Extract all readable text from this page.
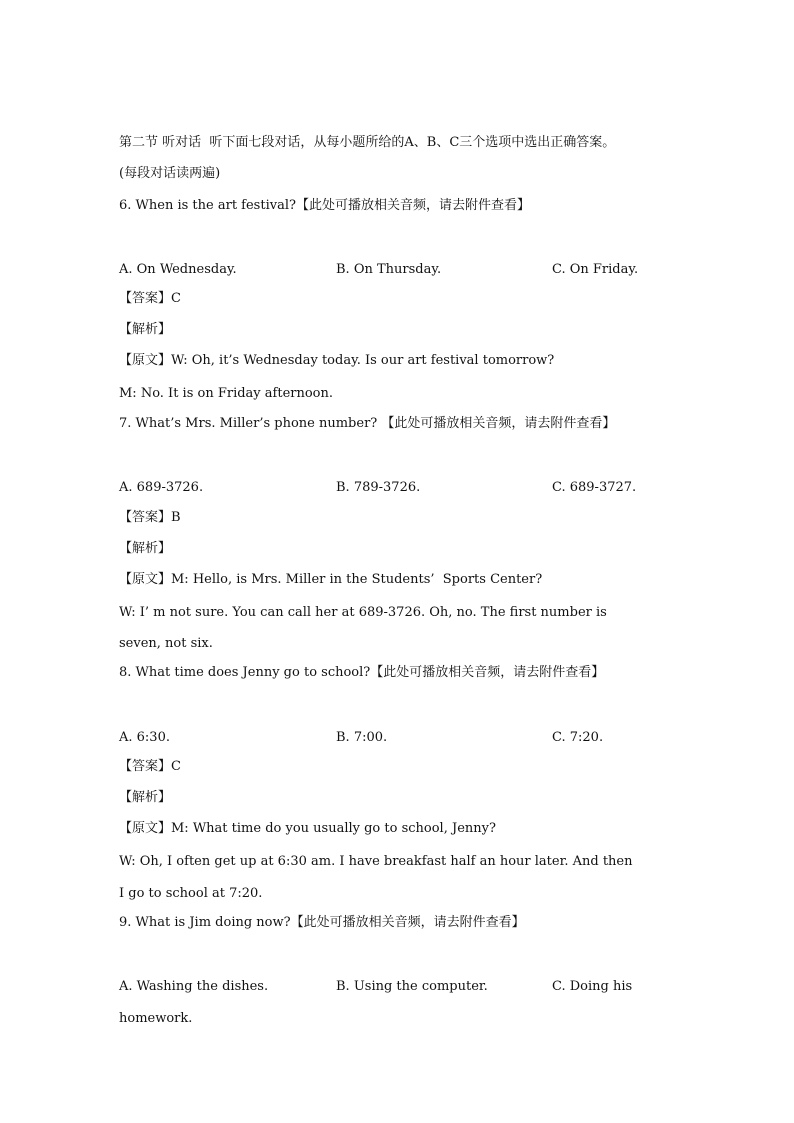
第二节 听对话  听下面七段对话，从每小题所给的A、B、C三个选项中选出正确答案。
(每段对话读两遍)
6. When is the art festival?【此处可播放相关音频，请去附件查看】
A. On Wednesday.	B. On Thursday.	C. On Friday.
【答案】C
【解析】
【原文】W: Oh, it’s Wednesday today. Is our art festival tomorrow?
M: No. It is on Friday afternoon.
7. What’s Mrs. Miller’s phone number? 【此处可播放相关音频，请去附件查看】
A. 689-3726.	B. 789-3726.	C. 689-3727.
【答案】B
【解析】
【原文】M: Hello, is Mrs. Miller in the Students’  Sports Center?
W: I’ m not sure. You can call her at 689-3726. Oh, no. The first number is
seven, not six.
8. What time does Jenny go to school?【此处可播放相关音频，请去附件查看】
A. 6:30.	B. 7:00.	C. 7:20.
【答案】C
【解析】
【原文】M: What time do you usually go to school, Jenny?
W: Oh, I often get up at 6:30 am. I have breakfast half an hour later. And then
I go to school at 7:20.
9. What is Jim doing now?【此处可播放相关音频，请去附件查看】
A. Washing the dishes.	B. Using the computer.	C. Doing his
homework.
